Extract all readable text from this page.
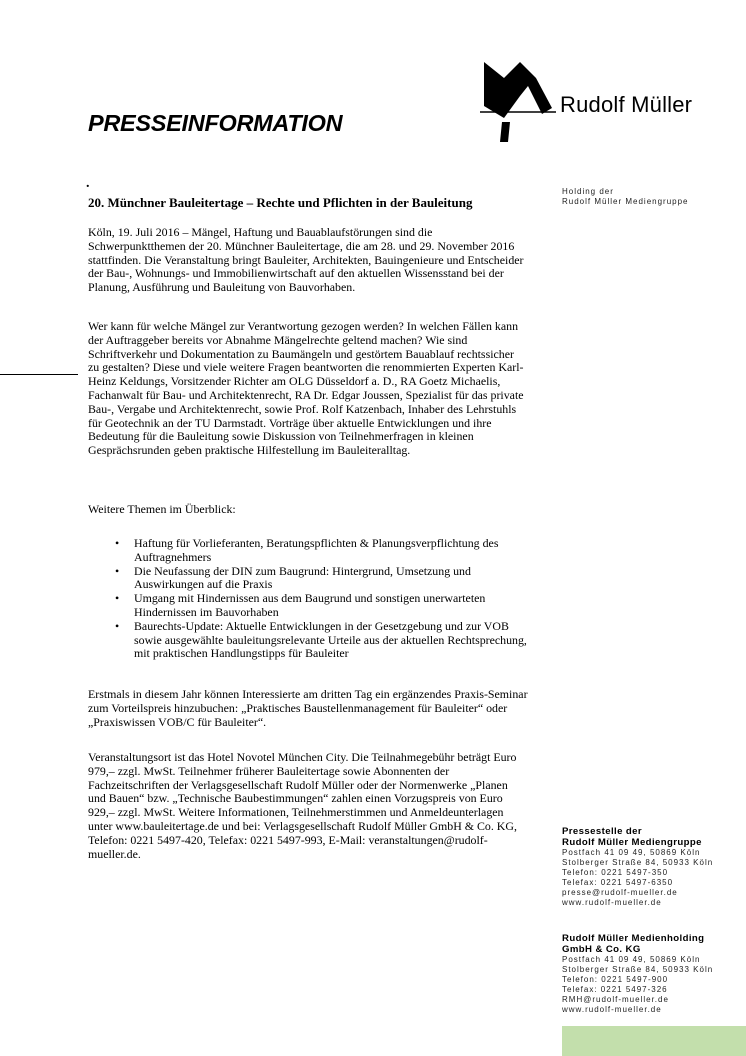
PRESSEINFORMATION
Rudolf Müller
.
Holding der
Rudolf Müller Mediengruppe
20. Münchner Bauleitertage – Rechte und Pflichten in der Bauleitung
Köln, 19. Juli 2016 – Mängel, Haftung und Bauablaufstörungen sind die Schwerpunktthemen der 20. Münchner Bauleitertage, die am 28. und 29. November 2016 stattfinden. Die Veranstaltung bringt Bauleiter, Architekten, Bauingenieure und Entscheider der Bau-, Wohnungs- und Immobilienwirtschaft auf den aktuellen Wissensstand bei der Planung, Ausführung und Bauleitung von Bauvorhaben.
Wer kann für welche Mängel zur Verantwortung gezogen werden? In welchen Fällen kann der Auftraggeber bereits vor Abnahme Mängelrechte geltend machen? Wie sind Schriftverkehr und Dokumentation zu Baumängeln und gestörtem Bauablauf rechtssicher zu gestalten? Diese und viele weitere Fragen beantworten die renommierten Experten Karl-Heinz Keldungs, Vorsitzender Richter am OLG Düsseldorf a. D., RA Goetz Michaelis, Fachanwalt für Bau- und Architektenrecht, RA Dr. Edgar Joussen, Spezialist für das private Bau-, Vergabe und Architektenrecht, sowie Prof. Rolf Katzenbach, Inhaber des Lehrstuhls für Geotechnik an der TU Darmstadt. Vorträge über aktuelle Entwicklungen und ihre Bedeutung für die Bauleitung sowie Diskussion von Teilnehmerfragen in kleinen Gesprächsrunden geben praktische Hilfestellung im Bauleiteralltag.
Weitere Themen im Überblick:
• Haftung für Vorlieferanten, Beratungspflichten & Planungsverpflichtung des Auftragnehmers
• Die Neufassung der DIN zum Baugrund: Hintergrund, Umsetzung und Auswirkungen auf die Praxis
• Umgang mit Hindernissen aus dem Baugrund und sonstigen unerwarteten Hindernissen im Bauvorhaben
• Baurechts-Update: Aktuelle Entwicklungen in der Gesetzgebung und zur VOB sowie ausgewählte bauleitungsrelevante Urteile aus der aktuellen Rechtsprechung, mit praktischen Handlungstipps für Bauleiter
Erstmals in diesem Jahr können Interessierte am dritten Tag ein ergänzendes Praxis-Seminar zum Vorteilspreis hinzubuchen: „Praktisches Baustellenmanagement für Bauleiter“ oder „Praxiswissen VOB/C für Bauleiter“.
Veranstaltungsort ist das Hotel Novotel München City. Die Teilnahmegebühr beträgt Euro 979,– zzgl. MwSt. Teilnehmer früherer Bauleitertage sowie Abonnenten der Fachzeitschriften der Verlagsgesellschaft Rudolf Müller oder der Normenwerke „Planen und Bauen“ bzw. „Technische Baubestimmungen“ zahlen einen Vorzugspreis von Euro 929,– zzgl. MwSt. Weitere Informationen, Teilnehmerstimmen und Anmeldeunterlagen unter www.bauleitertage.de und bei: Verlagsgesellschaft Rudolf Müller GmbH & Co. KG, Telefon: 0221 5497-420, Telefax: 0221 5497-993, E-Mail: veranstaltungen@rudolf-mueller.de.
Pressestelle der
Rudolf Müller Mediengruppe
Postfach 41 09 49, 50869 Köln
Stolberger Straße 84, 50933 Köln
Telefon: 0221 5497-350
Telefax: 0221 5497-6350
presse@rudolf-mueller.de
www.rudolf-mueller.de
Rudolf Müller Medienholding
GmbH & Co. KG
Postfach 41 09 49, 50869 Köln
Stolberger Straße 84, 50933 Köln
Telefon: 0221 5497-900
Telefax: 0221 5497-326
RMH@rudolf-mueller.de
www.rudolf-mueller.de
